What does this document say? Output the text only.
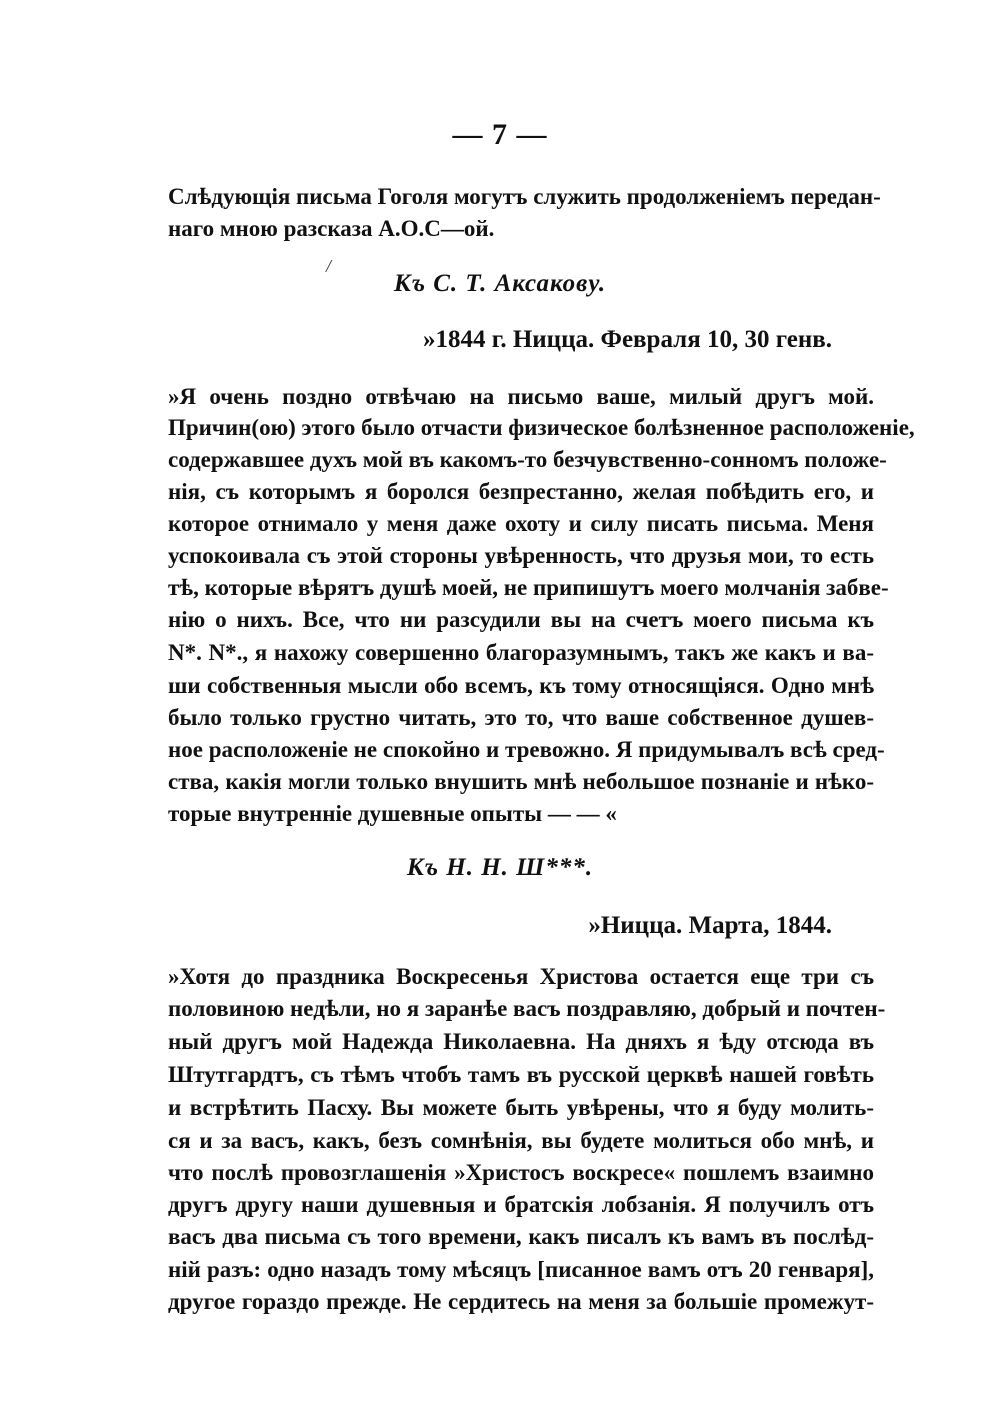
— 7 —
Слѣдующія письма Гоголя могутъ служить продолженіемъ передан-
наго мною разсказа А.О.С—ой.
/
Къ С. Т. Аксакову.
»1844 г. Ницца. Февраля 10, 30 генв.
»Я очень поздно отвѣчаю на письмо ваше, милый другъ мой.
Причин(ою) этого было отчасти физическое болѣзненное расположеніе,
содержавшее духъ мой въ какомъ-то безчувственно-сонномъ положе-
нія, съ которымъ я боролся безпрестанно, желая побѣдить его, и
которое отнимало у меня даже охоту и силу писать письма. Меня
успокоивала съ этой стороны увѣренность, что друзья мои, то есть
тѣ, которые вѣрятъ душѣ моей, не припишутъ моего молчанія забве-
нію о нихъ. Все, что ни разсудили вы на счетъ моего письма къ
N*. N*., я нахожу совершенно благоразумнымъ, такъ же какъ и ва-
ши собственныя мысли обо всемъ, къ тому относящіяся. Одно мнѣ
было только грустно читать, это то, что ваше собственное душев-
ное расположеніе не спокойно и тревожно. Я придумывалъ всѣ сред-
ства, какія могли только внушить мнѣ небольшое познаніе и нѣко-
торые внутренніе душевные опыты — — «
Къ Н. Н. Ш***.
»Ницца. Марта, 1844.
»Хотя до праздника Воскресенья Христова остается еще три съ
половиною недѣли, но я заранѣе васъ поздравляю, добрый и почтен-
ный другъ мой Надежда Николаевна. На дняхъ я ѣду отсюда въ
Штутгардтъ, съ тѣмъ чтобъ тамъ въ русской церквѣ нашей говѣть
и встрѣтить Пасху. Вы можете быть увѣрены, что я буду молить-
ся и за васъ, какъ, безъ сомнѣнія, вы будете молиться обо мнѣ, и
что послѣ провозглашенія »Христосъ воскресе« пошлемъ взаимно
другъ другу наши душевныя и братскія лобзанія. Я получилъ отъ
васъ два письма съ того времени, какъ писалъ къ вамъ въ послѣд-
ній разъ: одно назадъ тому мѣсяцъ [писанное вамъ отъ 20 генваря],
другое гораздо прежде. Не сердитесь на меня за большіе промежут-
